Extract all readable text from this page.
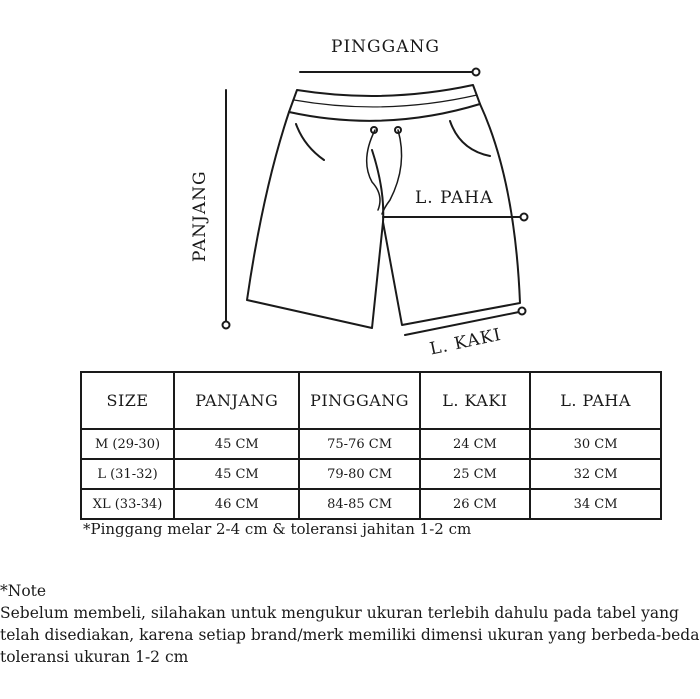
PINGGANG
PANJANG	L. PAHA
L. KAKI
SIZE	PANJANG	PINGGANG	L. KAKI	L. PAHA
M (29-30)	45 CM	75-76 CM	24 CM	30 CM
L (31-32)	45 CM	79-80 CM	25 CM	32 CM
XL (33-34)	46 CM	84-85 CM	26 CM	34 CM
*Pinggang melar 2-4 cm & toleransi jahitan 1-2 cm

*Note

Sebelum membeli, silahakan untuk mengukur ukuran terlebih dahulu pada tabel yang

telah disediakan, karena setiap brand/merk memiliki dimensi ukuran yang berbeda-beda

toleransi ukuran 1-2 cm
